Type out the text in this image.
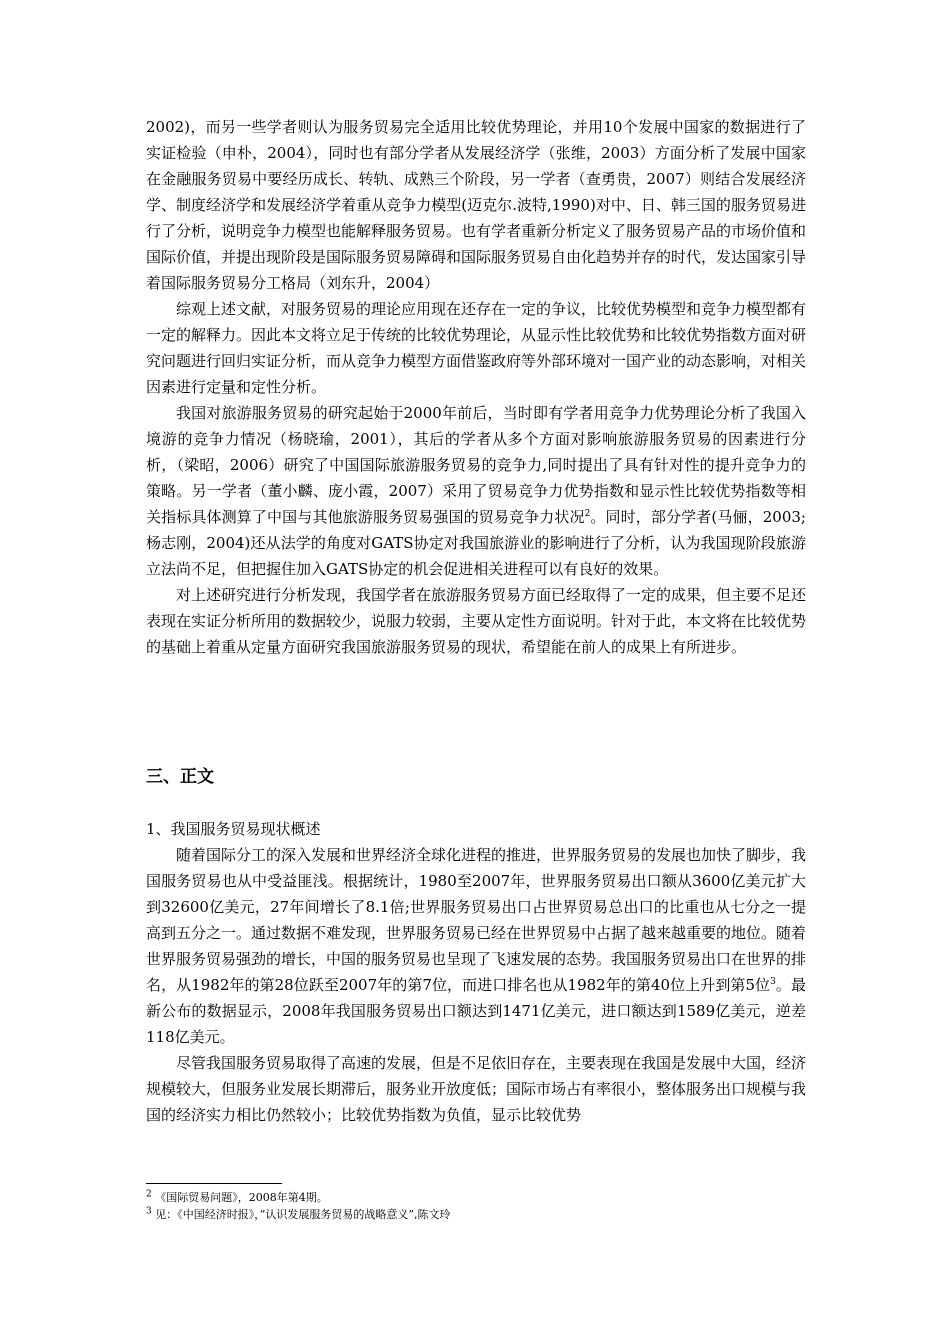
2002)，而另一些学者则认为服务贸易完全适用比较优势理论，并用10个发展中国家的数据进行了实证检验（申朴，2004），同时也有部分学者从发展经济学（张维，2003）方面分析了发展中国家在金融服务贸易中要经历成长、转轨、成熟三个阶段，另一学者（查勇贵，2007）则结合发展经济学、制度经济学和发展经济学着重从竞争力模型(迈克尔.波特,1990)对中、日、韩三国的服务贸易进行了分析，说明竞争力模型也能解释服务贸易。也有学者重新分析定义了服务贸易产品的市场价值和国际价值，并提出现阶段是国际服务贸易障碍和国际服务贸易自由化趋势并存的时代，发达国家引导着国际服务贸易分工格局（刘东升，2004）

综观上述文献，对服务贸易的理论应用现在还存在一定的争议，比较优势模型和竞争力模型都有一定的解释力。因此本文将立足于传统的比较优势理论，从显示性比较优势和比较优势指数方面对研究问题进行回归实证分析，而从竞争力模型方面借鉴政府等外部环境对一国产业的动态影响，对相关因素进行定量和定性分析。

我国对旅游服务贸易的研究起始于2000年前后，当时即有学者用竞争力优势理论分析了我国入境游的竞争力情况（杨晓瑜，2001），其后的学者从多个方面对影响旅游服务贸易的因素进行分析，（梁昭，2006）研究了中国国际旅游服务贸易的竞争力,同时提出了具有针对性的提升竞争力的策略。另一学者（董小麟、庞小霞，2007）采用了贸易竞争力优势指数和显示性比较优势指数等相关指标具体测算了中国与其他旅游服务贸易强国的贸易竞争力状况$^2$。同时，部分学者(马俪，2003;杨志刚，2004)还从法学的角度对GATS协定对我国旅游业的影响进行了分析，认为我国现阶段旅游立法尚不足，但把握住加入GATS协定的机会促进相关进程可以有良好的效果。

对上述研究进行分析发现，我国学者在旅游服务贸易方面已经取得了一定的成果，但主要不足还表现在实证分析所用的数据较少，说服力较弱，主要从定性方面说明。针对于此，本文将在比较优势的基础上着重从定量方面研究我国旅游服务贸易的现状，希望能在前人的成果上有所进步。

三、正文

1、我国服务贸易现状概述

随着国际分工的深入发展和世界经济全球化进程的推进，世界服务贸易的发展也加快了脚步，我国服务贸易也从中受益匪浅。根据统计，1980至2007年，世界服务贸易出口额从3600亿美元扩大到32600亿美元，27年间增长了8.1倍;世界服务贸易出口占世界贸易总出口的比重也从七分之一提高到五分之一。通过数据不难发现，世界服务贸易已经在世界贸易中占据了越来越重要的地位。随着世界服务贸易强劲的增长，中国的服务贸易也呈现了飞速发展的态势。我国服务贸易出口在世界的排名，从1982年的第28位跃至2007年的第7位，而进口排名也从1982年的第40位上升到第5位$^3$。最新公布的数据显示，2008年我国服务贸易出口额达到1471亿美元，进口额达到1589亿美元，逆差118亿美元。

尽管我国服务贸易取得了高速的发展，但是不足依旧存在，主要表现在我国是发展中大国，经济规模较大，但服务业发展长期滞后，服务业开放度低；国际市场占有率很小，整体服务出口规模与我国的经济实力相比仍然较小；比较优势指数为负值，显示比较优势

$^2$ 《国际贸易问题》，2008年第4期。

$^3$ 见：《中国经济时报》，”认识发展服务贸易的战略意义”,陈文玲
